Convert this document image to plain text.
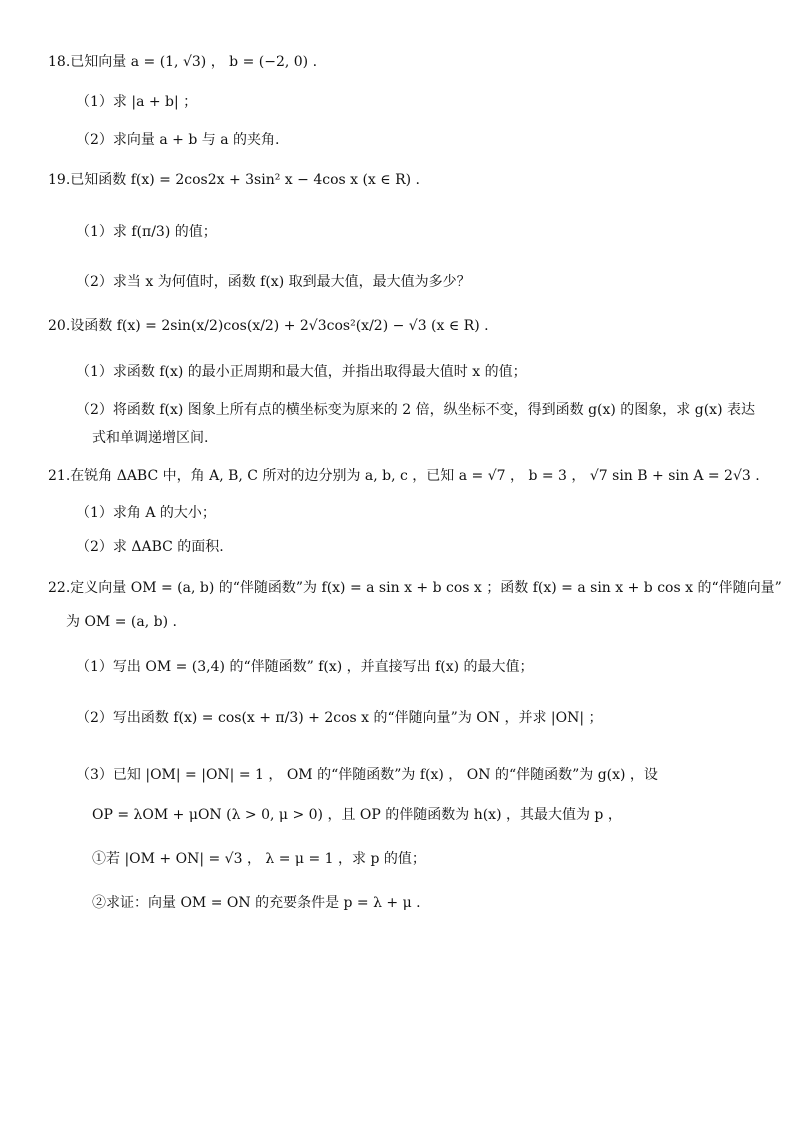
18.已知向量 a = (1, √3) ， b = (−2, 0) .
（1）求 |a + b| ；
（2）求向量 a + b 与 a 的夹角.
19.已知函数 f(x) = 2cos2x + 3sin² x − 4cos x (x ∈ R) .
（1）求 f(π/3) 的值；
（2）求当 x 为何值时，函数 f(x) 取到最大值，最大值为多少？
20.设函数 f(x) = 2sin(x/2)cos(x/2) + 2√3cos²(x/2) − √3 (x ∈ R) .
（1）求函数 f(x) 的最小正周期和最大值，并指出取得最大值时 x 的值；
（2）将函数 f(x) 图象上所有点的横坐标变为原来的 2 倍，纵坐标不变，得到函数 g(x) 的图象，求 g(x) 表达
式和单调递增区间.
21.在锐角 ΔABC 中，角 A, B, C 所对的边分别为 a, b, c ，已知 a = √7 ， b = 3 ， √7 sin B + sin A = 2√3 .
（1）求角 A 的大小；
（2）求 ΔABC 的面积.
22.定义向量 OM = (a, b) 的“伴随函数”为 f(x) = a sin x + b cos x ；函数 f(x) = a sin x + b cos x 的“伴随向量”
为 OM = (a, b) .
（1）写出 OM = (3,4) 的“伴随函数” f(x) ，并直接写出 f(x) 的最大值；
（2）写出函数 f(x) = cos(x + π/3) + 2cos x 的“伴随向量”为 ON ，并求 |ON| ；
（3）已知 |OM| = |ON| = 1 ， OM 的“伴随函数”为 f(x) ， ON 的“伴随函数”为 g(x) ，设
OP = λOM + μON (λ > 0, μ > 0) ，且 OP 的伴随函数为 h(x) ，其最大值为 p ，
①若 |OM + ON| = √3 ， λ = μ = 1 ，求 p 的值；
②求证：向量 OM = ON 的充要条件是 p = λ + μ .
